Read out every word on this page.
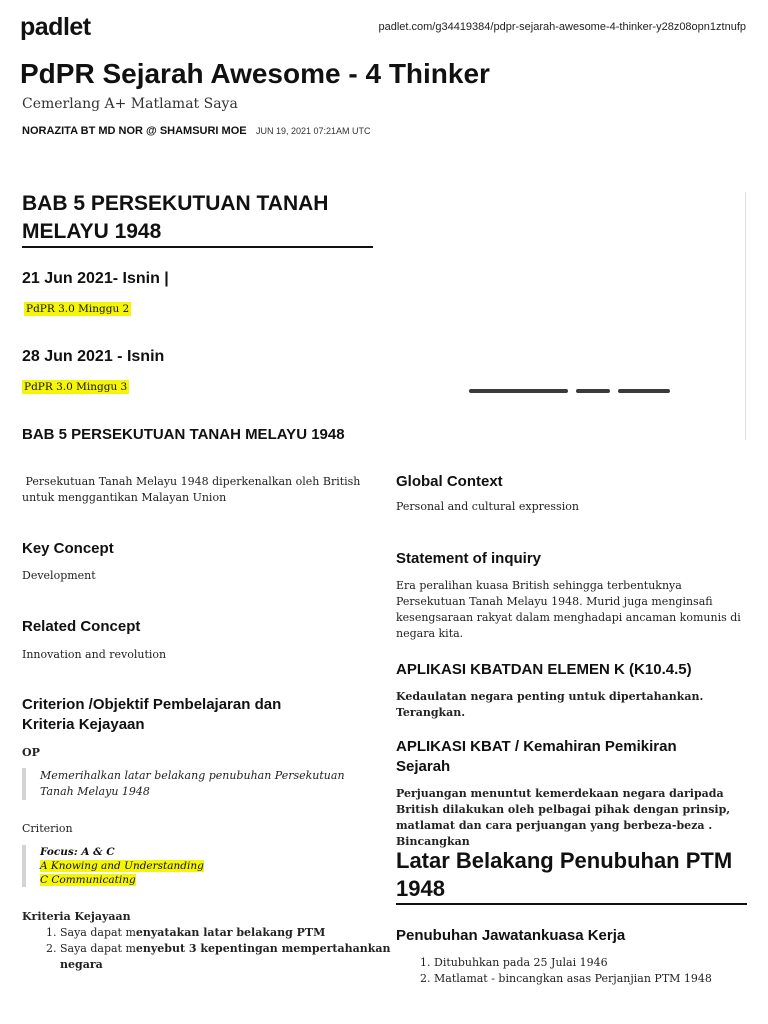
padlet	padlet.com/g34419384/pdpr-sejarah-awesome-4-thinker-y28z08opn1ztnufp
PdPR Sejarah Awesome - 4 Thinker
Cemerlang A+ Matlamat Saya
NORAZITA BT MD NOR @ SHAMSURI MOE JUN 19, 2021 07:21AM UTC
BAB 5 PERSEKUTUAN TANAH MELAYU 1948
21 Jun 2021- Isnin |
PdPR 3.0 Minggu 2
28 Jun 2021 - Isnin
PdPR 3.0 Minggu 3
BAB 5 PERSEKUTUAN TANAH MELAYU 1948
Persekutuan Tanah Melayu 1948 diperkenalkan oleh British untuk menggantikan Malayan Union
Key Concept
Development
Related Concept
Innovation and revolution
Criterion /Objektif Pembelajaran dan Kriteria Kejayaan
OP
Memerihalkan latar belakang penubuhan Persekutuan Tanah Melayu 1948
Criterion
Focus: A & C
A Knowing and Understanding
C Communicating
Kriteria Kejayaan
1. Saya dapat menyatakan latar belakang PTM
2. Saya dapat menyebut 3 kepentingan mempertahankan negara
Global Context
Personal and cultural expression
Statement of inquiry
Era peralihan kuasa British sehingga terbentuknya Persekutuan Tanah Melayu 1948. Murid juga menginsafi kesengsaraan rakyat dalam menghadapi ancaman komunis di negara kita.
APLIKASI KBATDAN ELEMEN K (K10.4.5)
Kedaulatan negara penting untuk dipertahankan. Terangkan.
APLIKASI KBAT / Kemahiran Pemikiran Sejarah
Perjuangan menuntut kemerdekaan negara daripada British dilakukan oleh pelbagai pihak dengan prinsip, matlamat dan cara perjuangan yang berbeza-beza . Bincangkan
Latar Belakang Penubuhan PTM 1948
Penubuhan Jawatankuasa Kerja
1. Ditubuhkan pada 25 Julai 1946
2. Matlamat - bincangkan asas Perjanjian PTM 1948
